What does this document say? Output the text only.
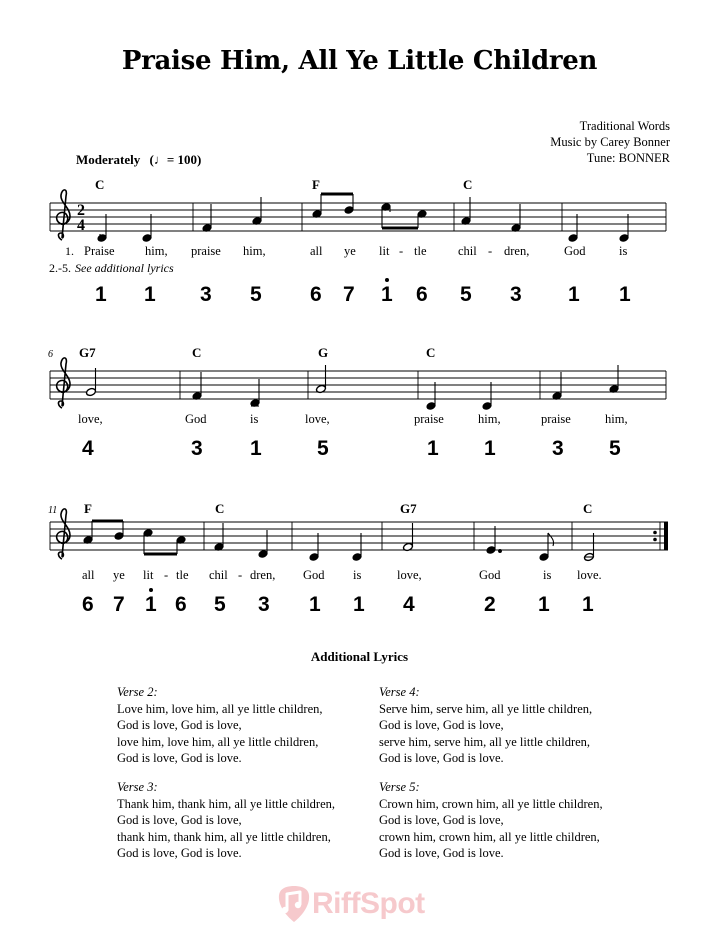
Praise Him, All Ye Little Children
Traditional Words
Music by Carey Bonner
Tune: BONNER
Moderately (♩= 100)
2
4
C	F	C
1.
2.-5. See additional lyrics
Praise him, praise him,	all ye lit - tle	chil - dren,	God	is
1 1 3 5 6 7 1 6 5 3 1 1
6 G7	C	G	C
love,	God	is	love,	praise	him,	praise	him,
4	3 1	5	1 1	3 5
11 F	C	G7	C
all ye lit - tle chil - dren, God is	love,	God	is love.
6 7 1 6 5 3 1 1 4	2 1 1
Additional Lyrics
Verse 2:
Love him, love him, all ye little children,
God is love, God is love,
love him, love him, all ye little children,
God is love, God is love.
Verse 3:
Thank him, thank him, all ye little children,
God is love, God is love,
thank him, thank him, all ye little children,
God is love, God is love.
Verse 4:
Serve him, serve him, all ye little children,
God is love, God is love,
serve him, serve him, all ye little children,
God is love, God is love.
Verse 5:
Crown him, crown him, all ye little children,
God is love, God is love,
crown him, crown him, all ye little children,
God is love, God is love.
RiffSpot
